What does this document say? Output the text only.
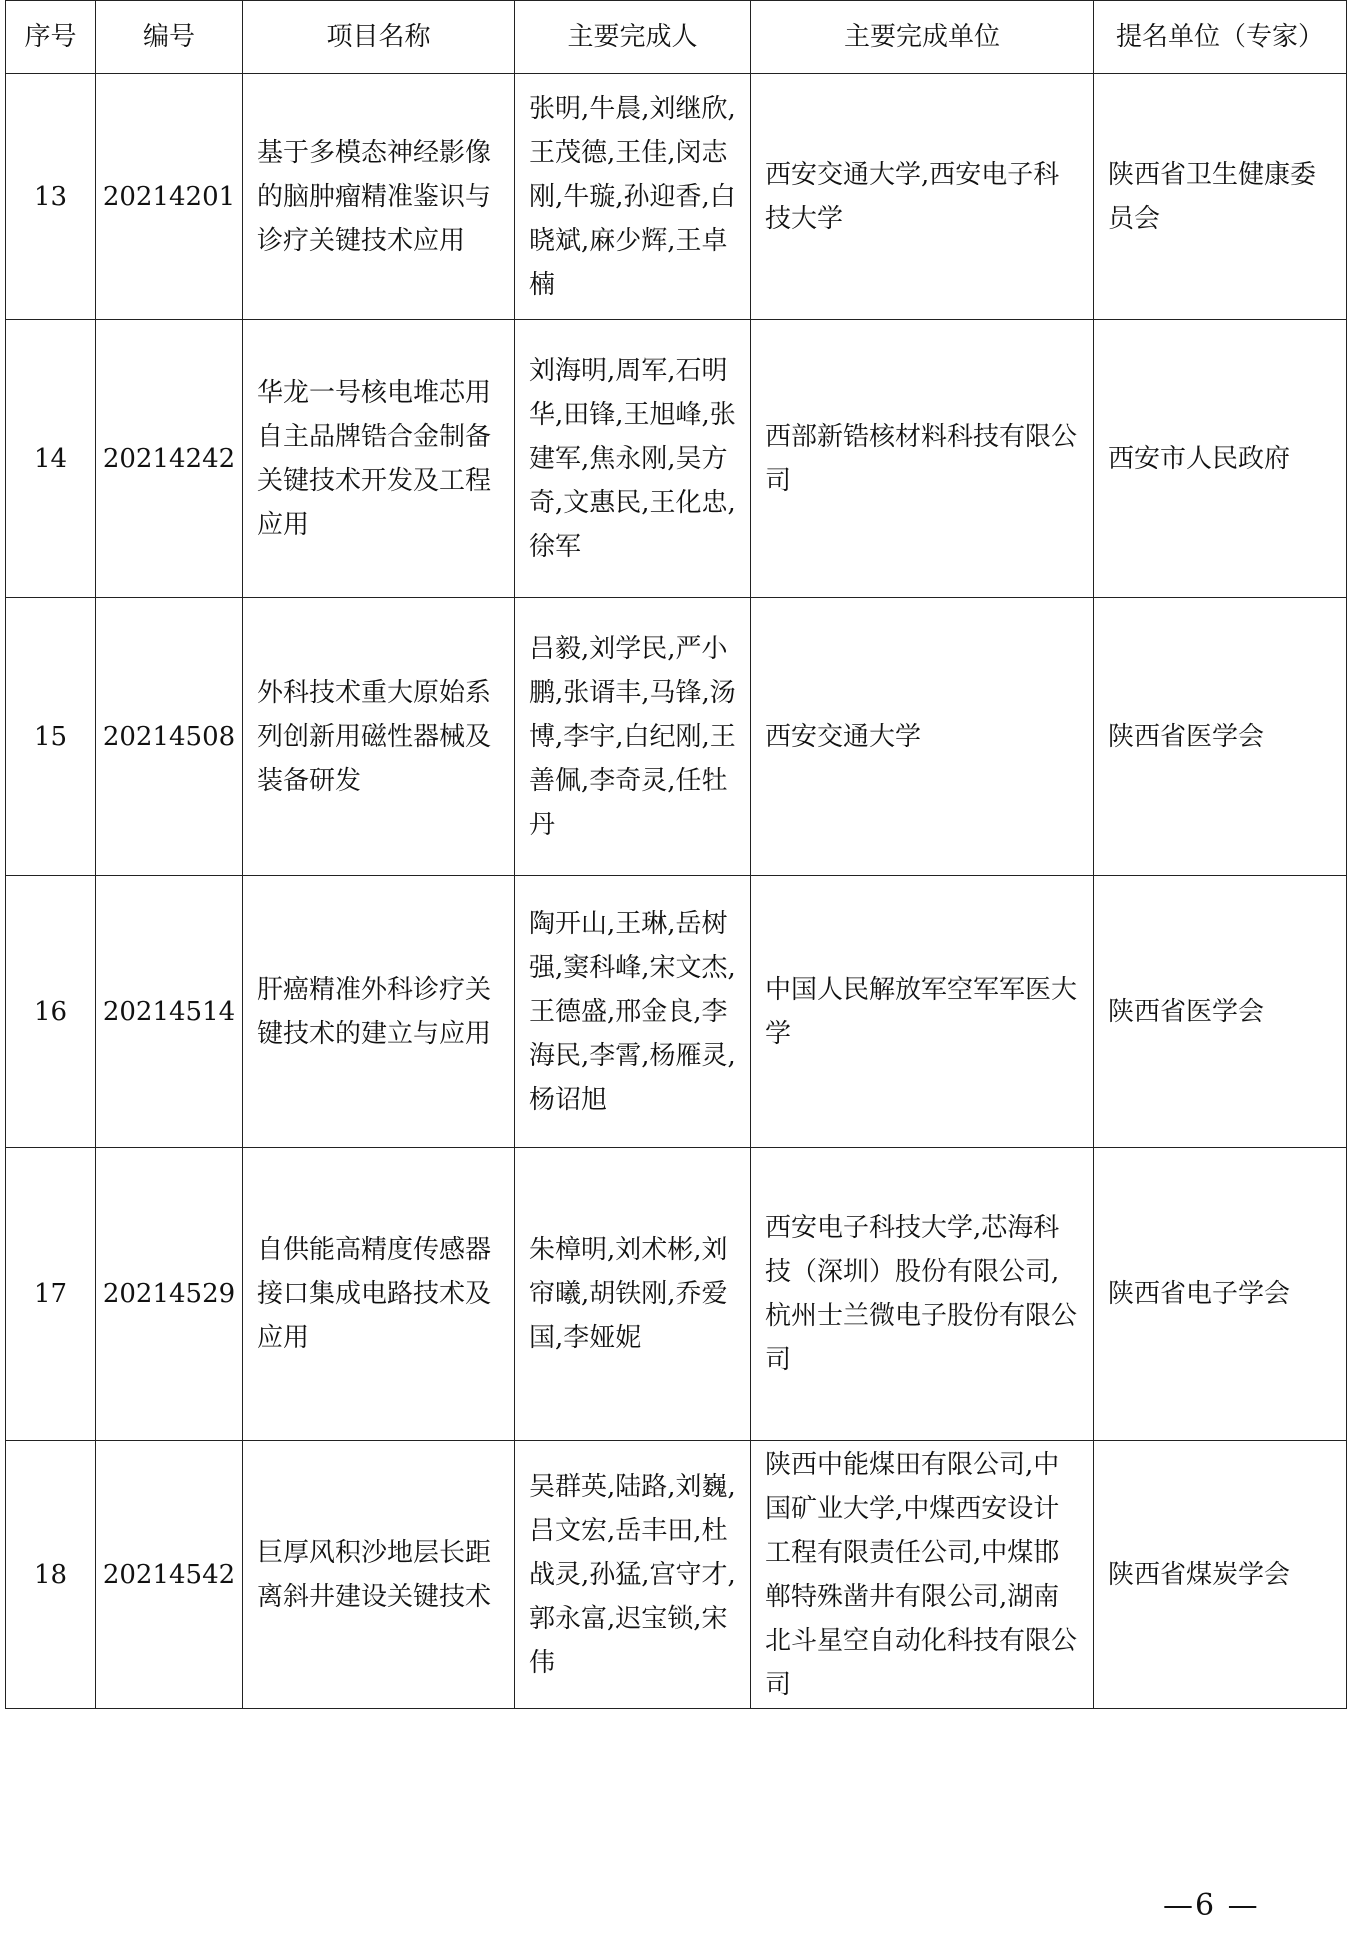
序号	编号	项目名称	主要完成人	主要完成单位	提名单位（专家）
13	20214201	基于多模态神经影像的脑肿瘤精准鉴识与诊疗关键技术应用	张明,牛晨,刘继欣,王茂德,王佳,闵志刚,牛璇,孙迎香,白晓斌,麻少辉,王卓楠	西安交通大学,西安电子科技大学	陕西省卫生健康委员会
14	20214242	华龙一号核电堆芯用自主品牌锆合金制备关键技术开发及工程应用	刘海明,周军,石明华,田锋,王旭峰,张建军,焦永刚,吴方奇,文惠民,王化忠,徐军	西部新锆核材料科技有限公司	西安市人民政府
15	20214508	外科技术重大原始系列创新用磁性器械及装备研发	吕毅,刘学民,严小鹏,张谞丰,马锋,汤博,李宇,白纪刚,王善佩,李奇灵,任牡丹	西安交通大学	陕西省医学会
16	20214514	肝癌精准外科诊疗关键技术的建立与应用	陶开山,王琳,岳树强,窦科峰,宋文杰,王德盛,邢金良,李海民,李霄,杨雁灵,杨诏旭	中国人民解放军空军军医大学	陕西省医学会
17	20214529	自供能高精度传感器接口集成电路技术及应用	朱樟明,刘术彬,刘帘曦,胡铁刚,乔爱国,李娅妮	西安电子科技大学,芯海科技（深圳）股份有限公司,杭州士兰微电子股份有限公司	陕西省电子学会
18	20214542	巨厚风积沙地层长距离斜井建设关键技术	吴群英,陆路,刘巍,吕文宏,岳丰田,杜战灵,孙猛,宫守才,郭永富,迟宝锁,宋伟	陕西中能煤田有限公司,中国矿业大学,中煤西安设计工程有限责任公司,中煤邯郸特殊凿井有限公司,湖南北斗星空自动化科技有限公司	陕西省煤炭学会
—6 —
